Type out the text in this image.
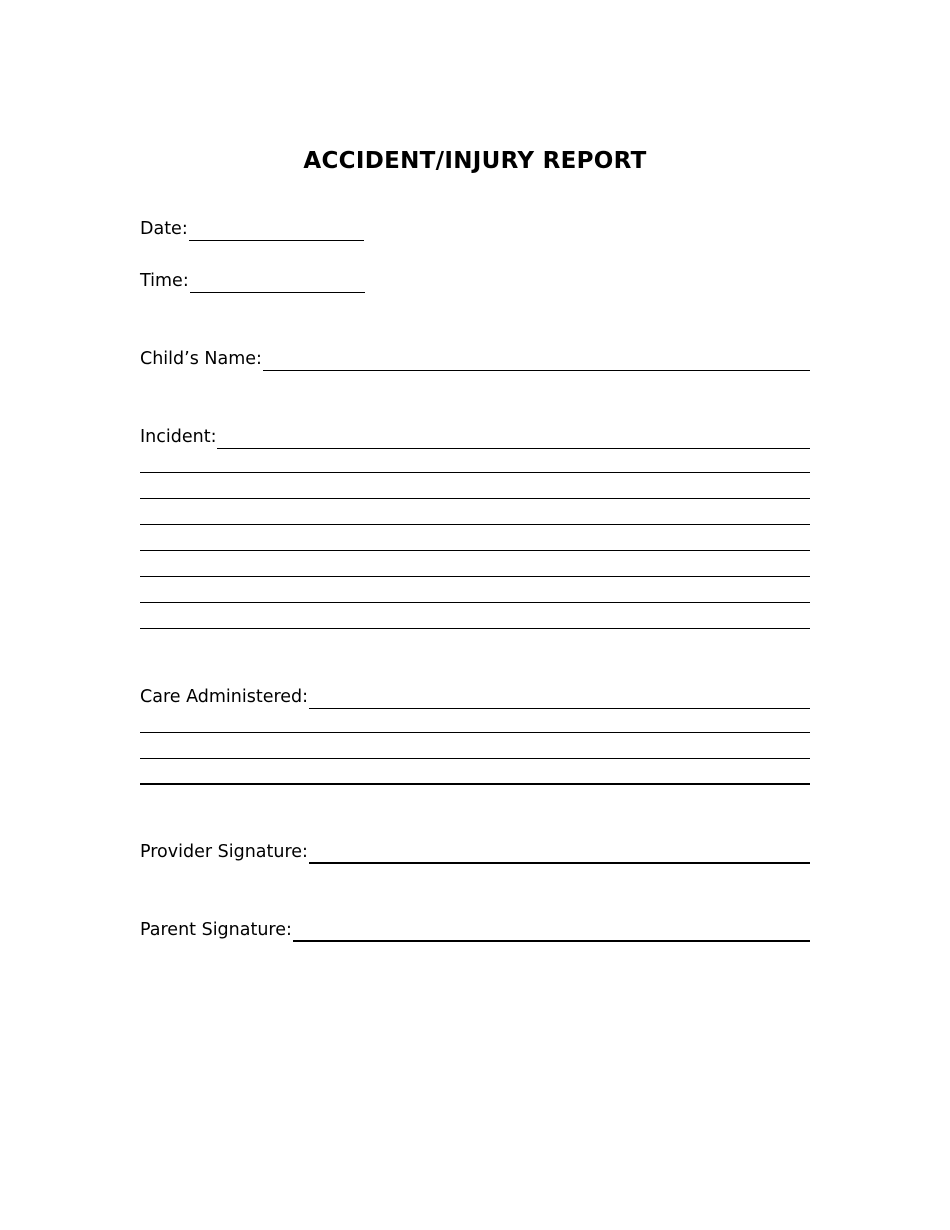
ACCIDENT/INJURY REPORT
Date:
Time:
Child’s Name:
Incident:
Care Administered:
Provider Signature:
Parent Signature:
